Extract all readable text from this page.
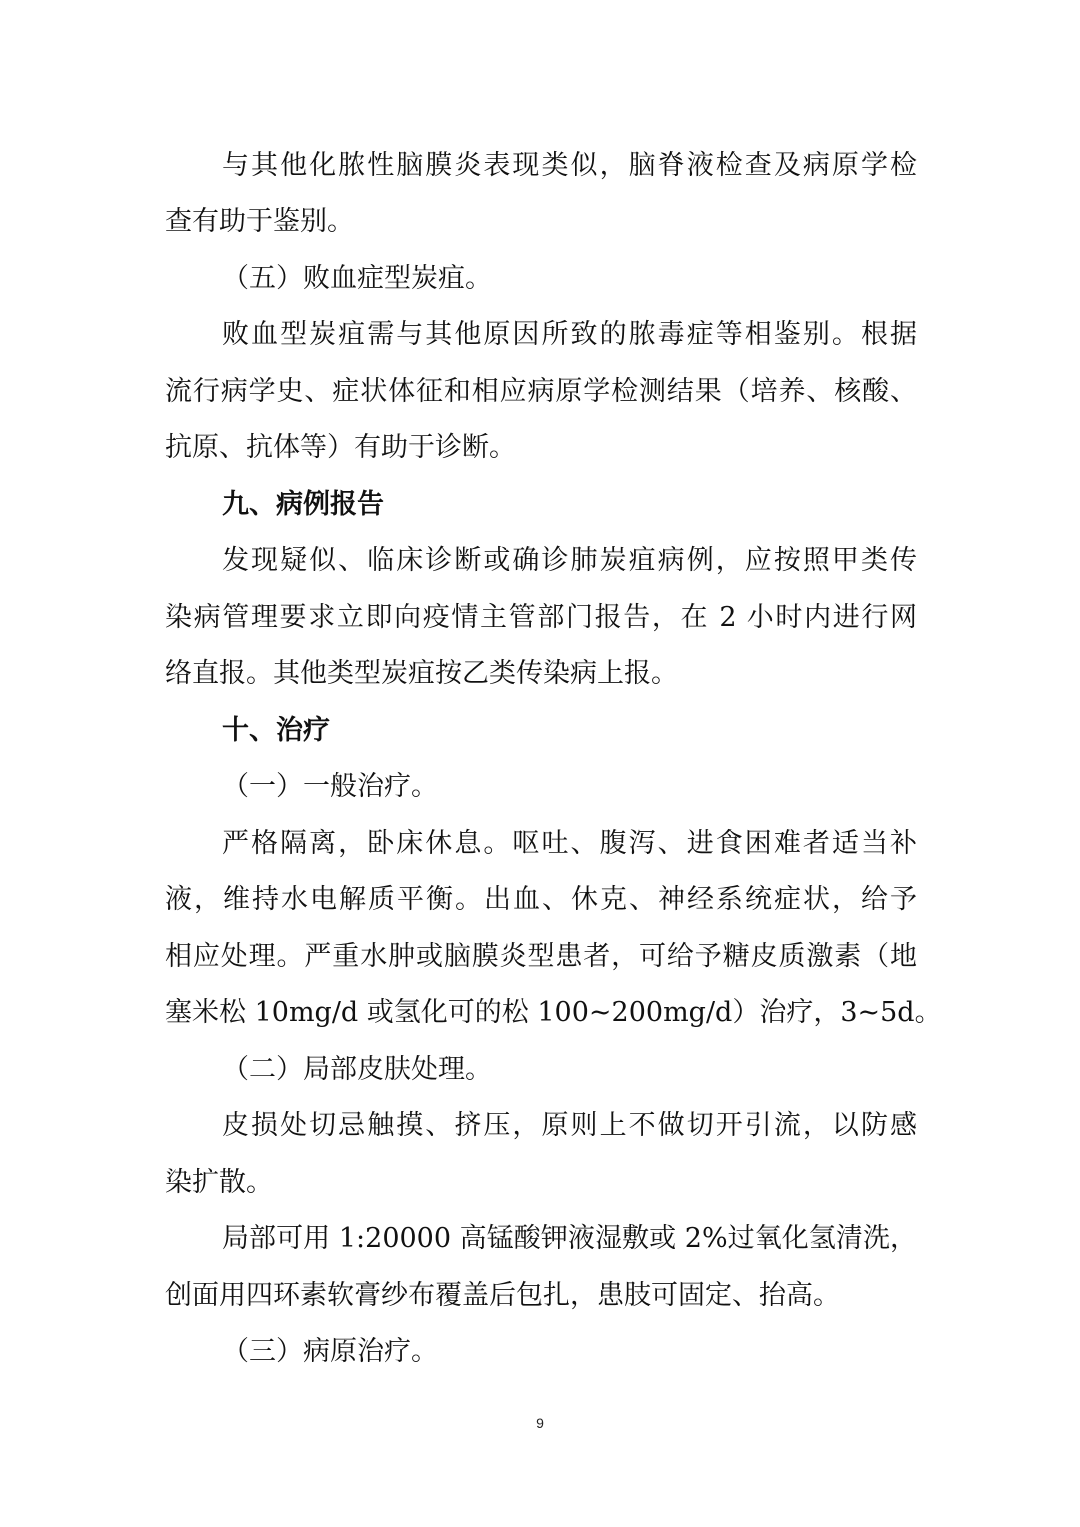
与其他化脓性脑膜炎表现类似，脑脊液检查及病原学检
查有助于鉴别。
（五）败血症型炭疽。
败血型炭疽需与其他原因所致的脓毒症等相鉴别。根据
流行病学史、症状体征和相应病原学检测结果（培养、核酸、
抗原、抗体等）有助于诊断。
九、病例报告
发现疑似、临床诊断或确诊肺炭疽病例，应按照甲类传
染病管理要求立即向疫情主管部门报告，在 2 小时内进行网
络直报。其他类型炭疽按乙类传染病上报。
十、治疗
（一）一般治疗。
严格隔离，卧床休息。呕吐、腹泻、进食困难者适当补
液，维持水电解质平衡。出血、休克、神经系统症状，给予
相应处理。严重水肿或脑膜炎型患者，可给予糖皮质激素（地
塞米松 10mg/d 或氢化可的松 100~200mg/d）治疗，3~5d。
（二）局部皮肤处理。
皮损处切忌触摸、挤压，原则上不做切开引流，以防感
染扩散。
局部可用 1:20000 高锰酸钾液湿敷或 2%过氧化氢清洗，
创面用四环素软膏纱布覆盖后包扎，患肢可固定、抬高。
（三）病原治疗。
9
